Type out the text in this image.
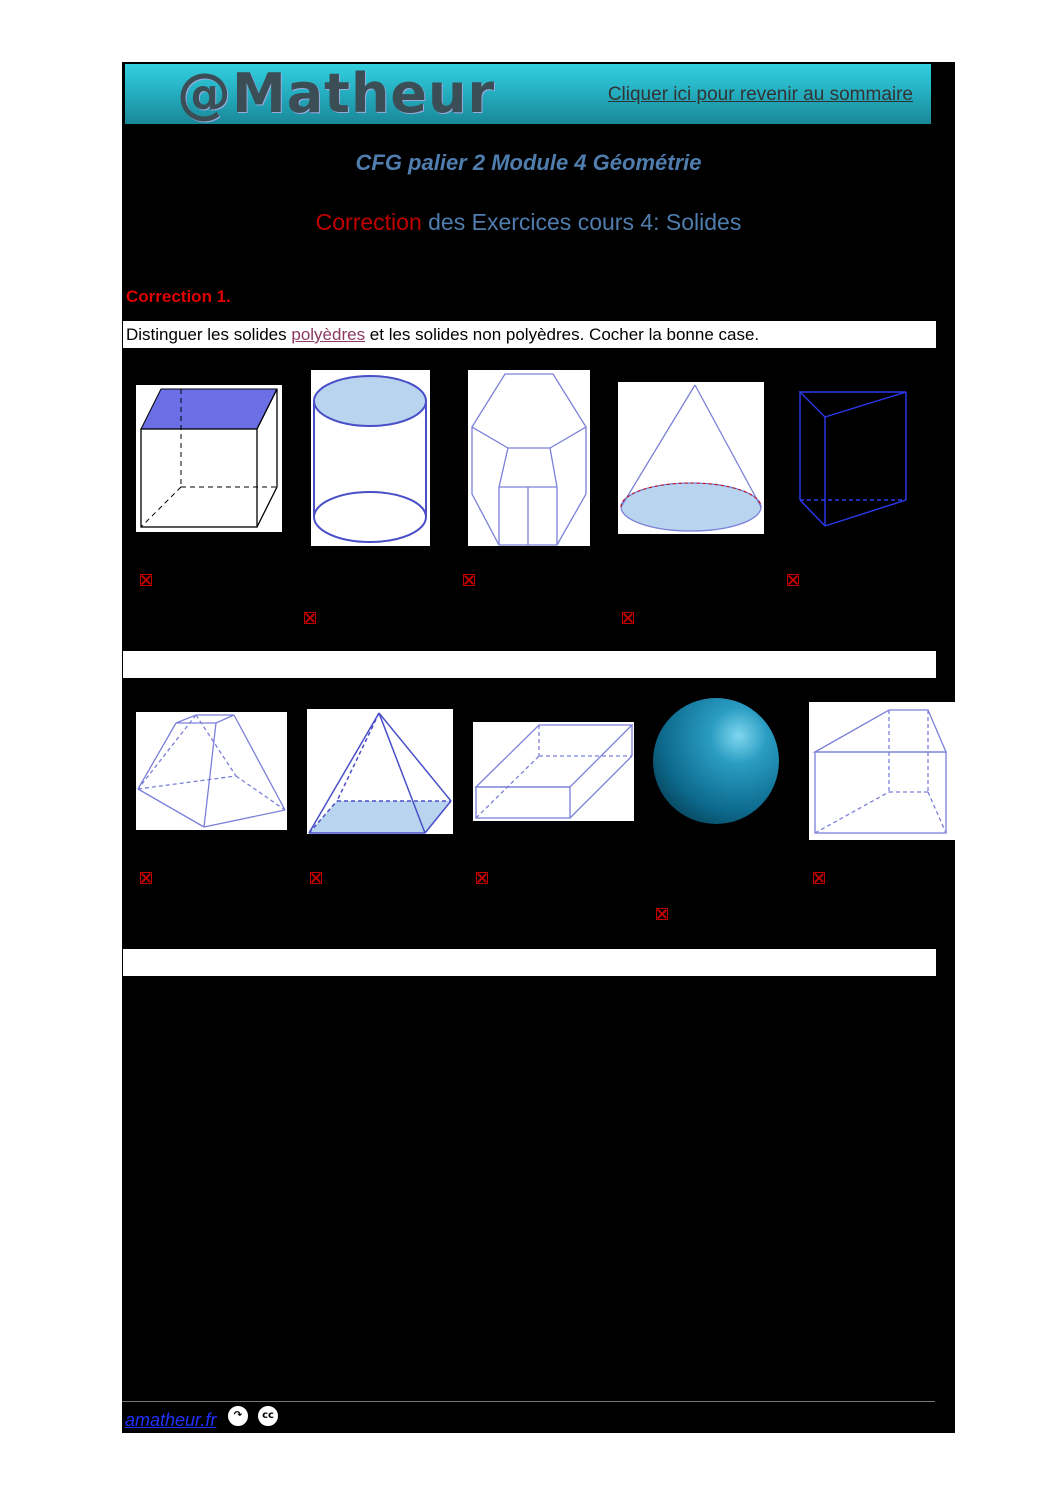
@Matheur	Cliquer ici pour revenir au sommaire
CFG palier 2 Module 4 Géométrie
Correction des Exercices cours 4: Solides
Correction 1.
Distinguer les solides polyèdres et les solides non polyèdres. Cocher la bonne case.
amatheur.fr	↷	cc
